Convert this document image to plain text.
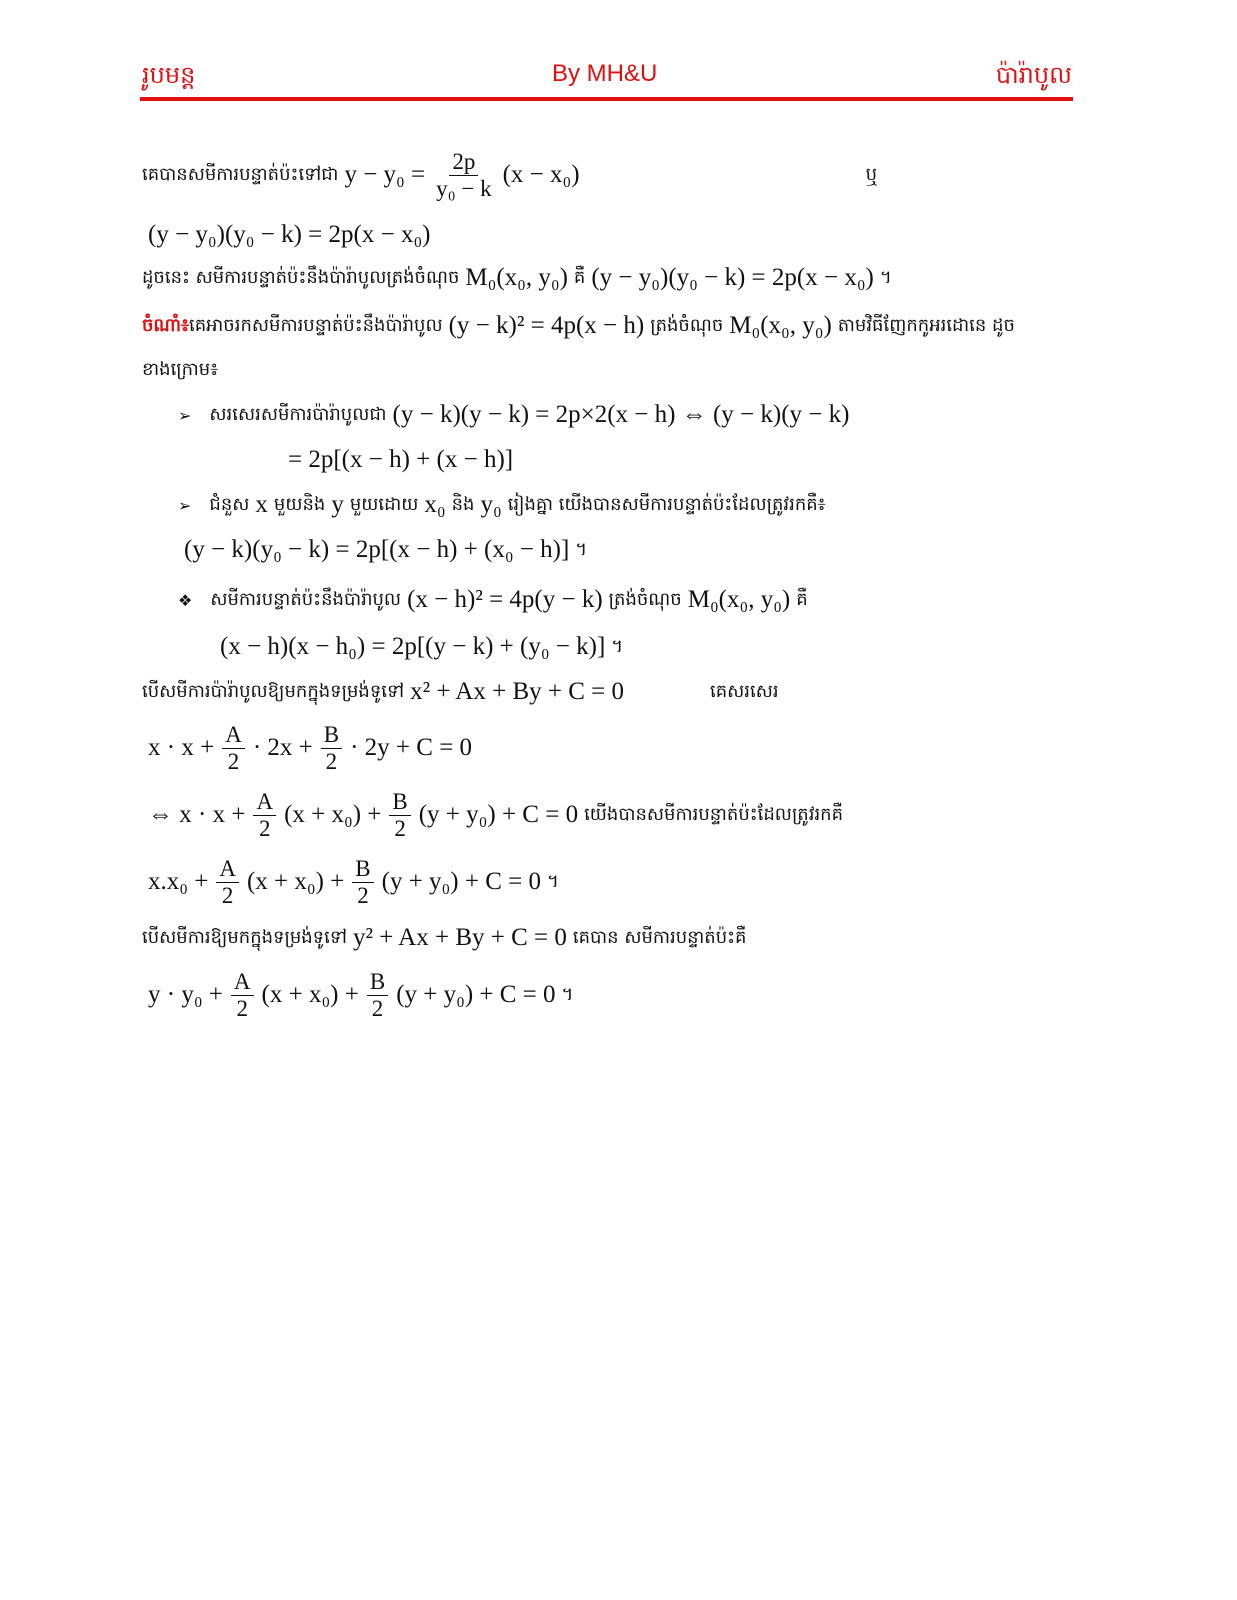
រូបមន្ត	By MH&U	ប៉ារ៉ាបូល
គេបានសមីការបន្ទាត់ប៉ះទៅជា $y - y_0 = \frac{2p}{\text{y₀ − k}} (x - x_0)$	ឬ
(y − y₀)(y₀ − k) = 2p(x − x₀)
ដូចនេះ សមីការបន្ទាត់ប៉ះនឹងប៉ារ៉ាបូលត្រង់ចំណុច M₀(x₀, y₀) គឺ (y − y₀)(y₀ − k) = 2p(x − x₀) ។
ចំណាំ៖ គេអាចរកសមីការបន្ទាត់ប៉ះនឹងប៉ារ៉ាបូល (y − k)² = 4p(x − h) ត្រង់ចំណុច M₀(x₀, y₀) តាមវិធីញែកកូអរដោនេ ដូច
ខាងក្រោម៖
➢ សរសេរសមីការប៉ារ៉ាបូលជា (y − k)(y − k) = 2p×2(x − h) ⇔ (y − k)(y − k)
= 2p[(x − h) + (x − h)]
➢ ជំនួស x មួយនិង y មួយដោយ x₀ និង y₀ រៀងគ្នា យើងបានសមីការបន្ទាត់ប៉ះដែលត្រូវរកគឺ៖
(y − k)(y₀ − k) = 2p[(x − h) + (x₀ − h)] ។
❖ សមីការបន្ទាត់ប៉ះនឹងប៉ារ៉ាបូល (x − h)² = 4p(y − k) ត្រង់ចំណុច M₀(x₀, y₀) គឺ
(x − h)(x − h₀) = 2p[(y − k) + (y₀ − k)] ។
បើសមីការប៉ារ៉ាបូលឱ្យមកក្នុងទម្រង់ទូទៅ x² + Ax + By + C = 0	គេសរសេរ
$x \cdot x + \frac{A}{2} \cdot 2x + \frac{B}{2} \cdot 2y + C = 0$
⇔ $x \cdot x + \frac{A}{2} (x + x_0) + \frac{B}{2} (y + y_0) + C = 0$ យើងបានសមីការបន្ទាត់ប៉ះដែលត្រូវរកគឺ
$x.x_0 + \frac{A}{2} (x + x_0) + \frac{B}{2} (y + y_0) + C = 0$ ។
បើសមីការឱ្យមកក្នុងទម្រង់ទូទៅ y² + Ax + By + C = 0 គេបាន សមីការបន្ទាត់ប៉ះគឺ
$y \cdot y_0 + \frac{A}{2} (x + x_0) + \frac{B}{2} (y + y_0) + C = 0$ ។
